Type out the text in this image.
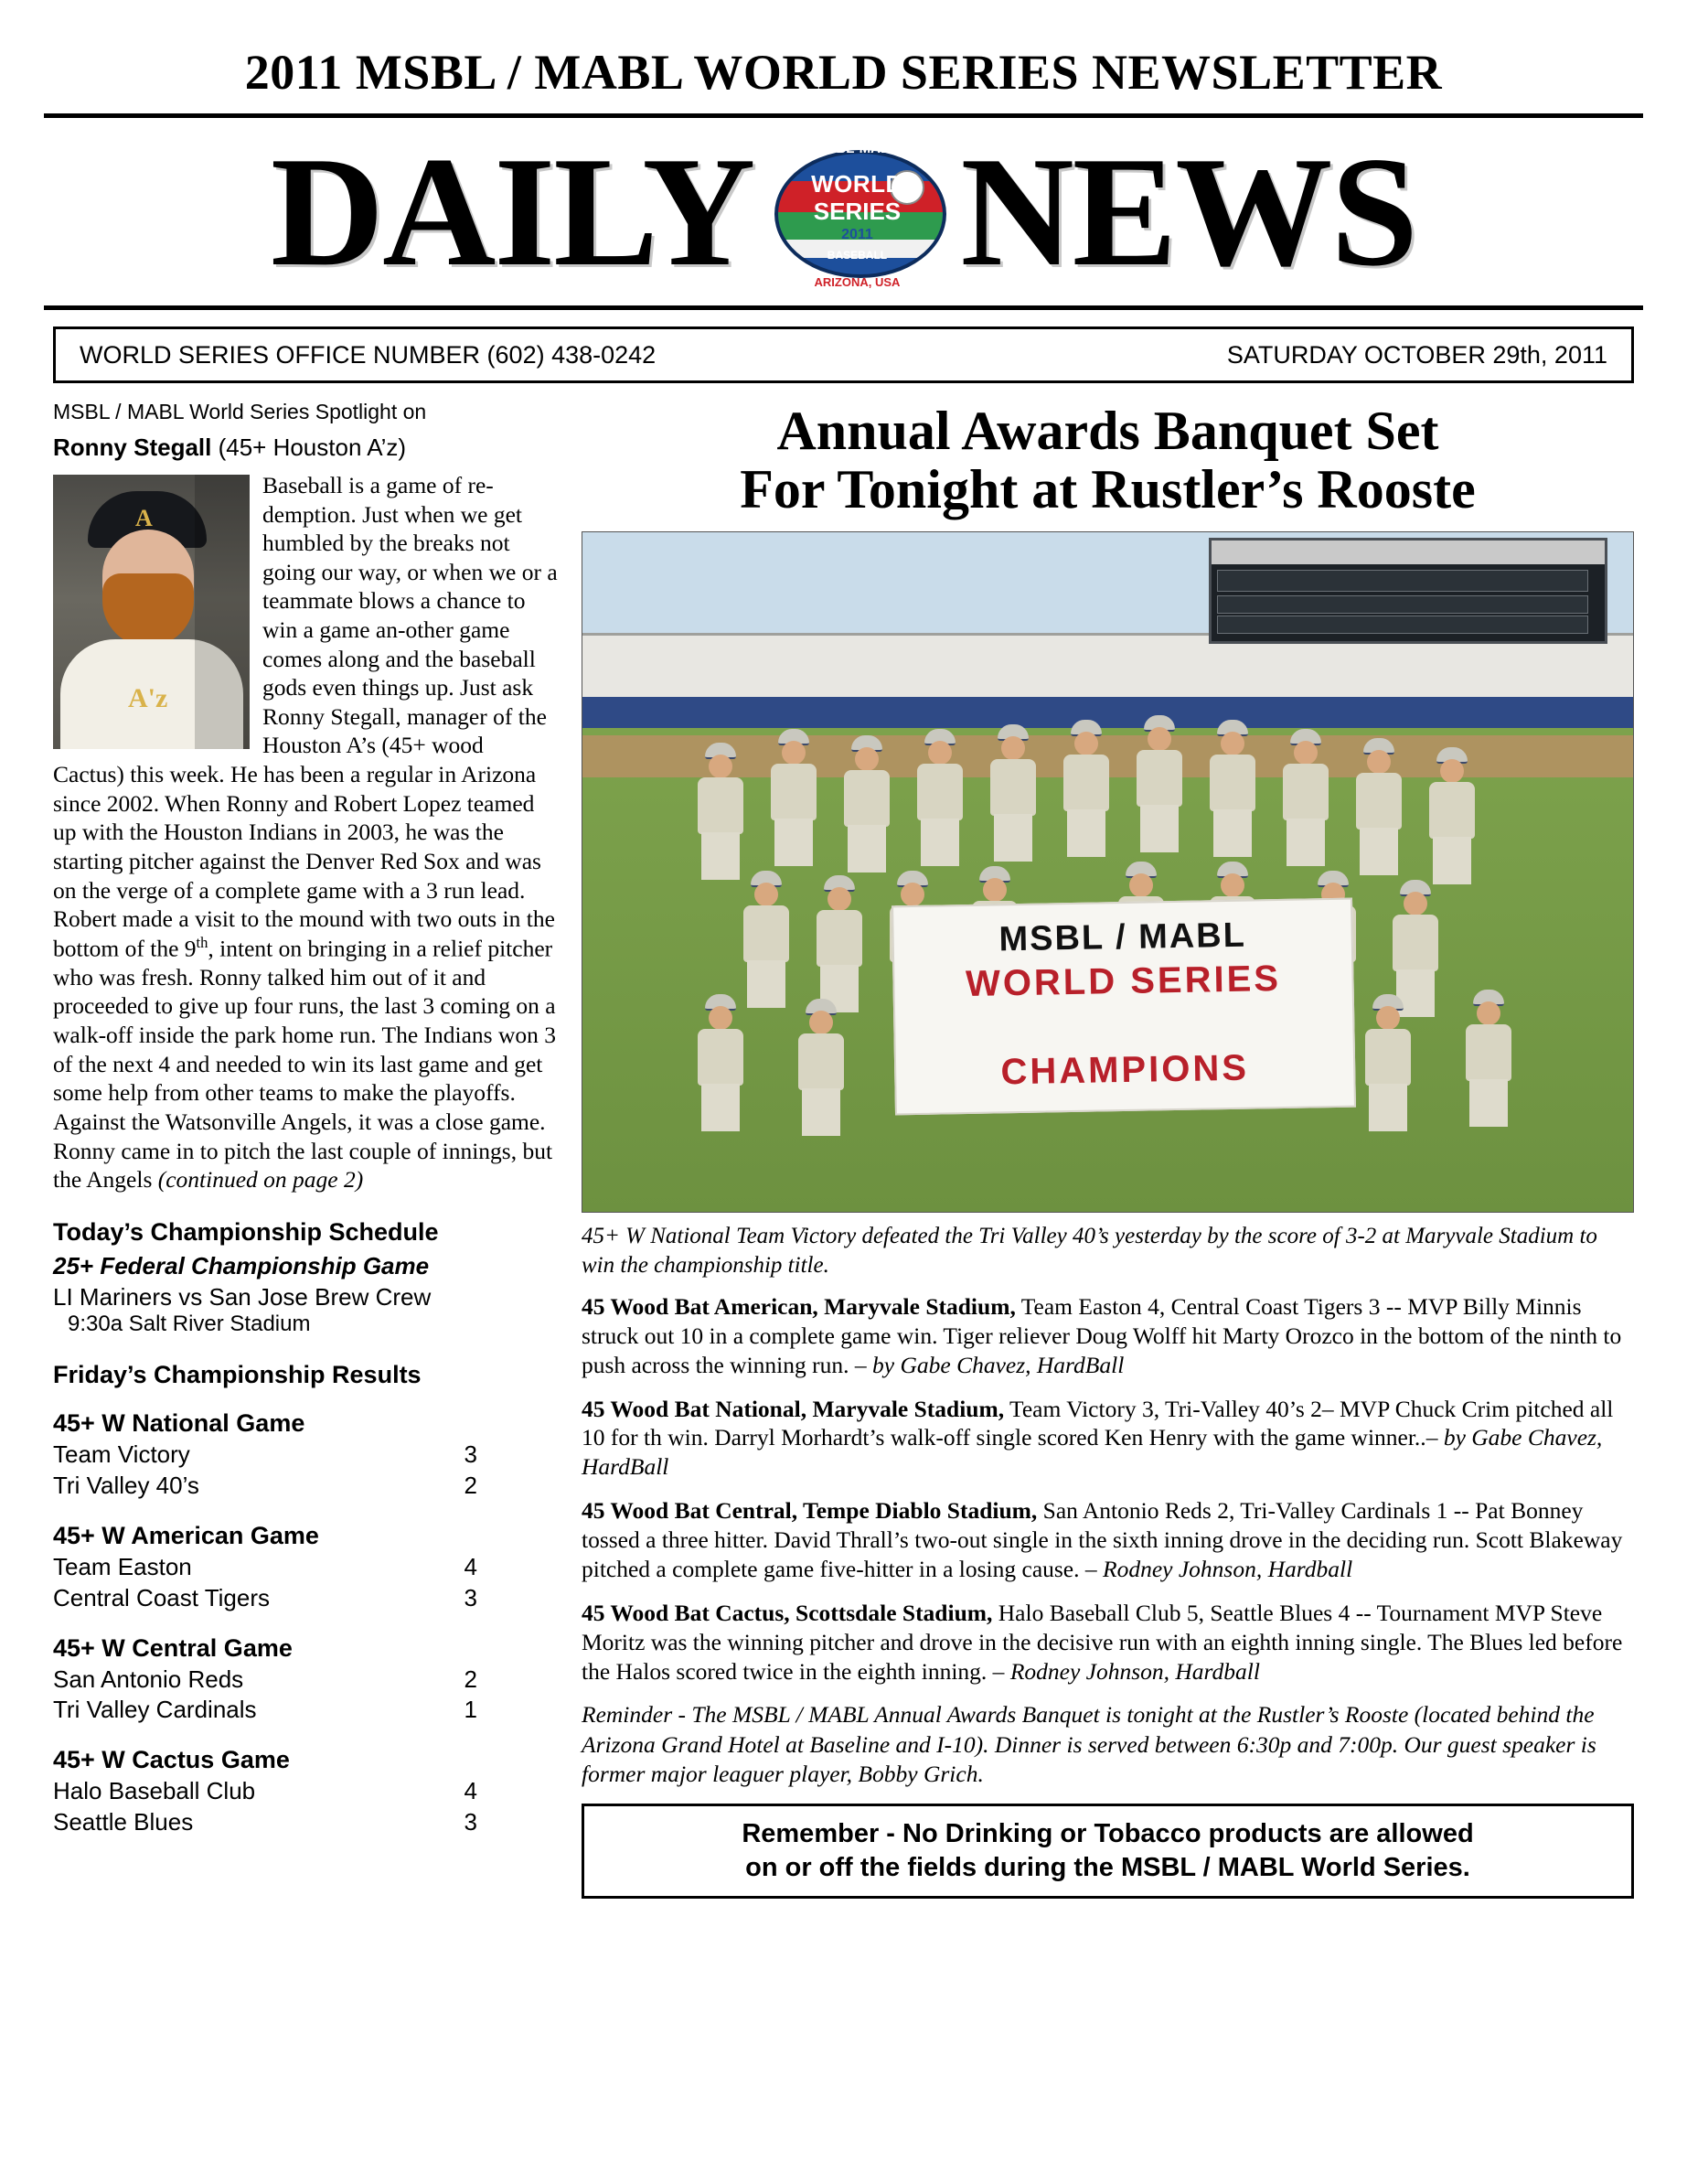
2011 MSBL / MABL WORLD SERIES NEWSLETTER
DAILY	MSBL•MABL
WORLD
SERIES
2011
BASEBALL
ARIZONA, USA NEWS
WORLD SERIES OFFICE NUMBER (602) 438-0242	SATURDAY OCTOBER 29th, 2011
MSBL / MABL World Series Spotlight on
Ronny Stegall (45+ Houston A’z)
A
A'z

Baseball is a game of re-demption. Just when we get humbled by the breaks not going our way, or when we or a teammate blows a chance to win a game an-other game comes along and the baseball gods even things up. Just ask Ronny Stegall, manager of the Houston A’s (45+ wood Cactus) this week. He has been a regular in Arizona since 2002. When Ronny and Robert Lopez teamed up with the Houston Indians in 2003, he was the starting pitcher against the Denver Red Sox and was on the verge of a complete game with a 3 run lead. Robert made a visit to the mound with two outs in the bottom of the 9th, intent on bringing in a relief pitcher who was fresh. Ronny talked him out of it and proceeded to give up four runs, the last 3 coming on a walk-off inside the park home run. The Indians won 3 of the next 4 and needed to win its last game and get some help from other teams to make the playoffs. Against the Watsonville Angels, it was a close game. Ronny came in to pitch the last couple of innings, but the Angels (continued on page 2)

Today’s Championship Schedule
25+ Federal Championship Game
LI Mariners vs San Jose Brew Crew
9:30a Salt River Stadium
Friday’s Championship Results
45+ W National Game
Team Victory	3
Tri Valley 40’s	2
45+ W American Game
Team Easton	4
Central Coast Tigers	3
45+ W Central Game
San Antonio Reds	2
Tri Valley Cardinals	1
45+ W Cactus Game
Halo Baseball Club	4
Seattle Blues	3
Annual Awards Banquet Set
For Tonight at Rustler’s Rooste
MSBL / MABL
WORLD SERIES
CHAMPIONS
45+ W National Team Victory defeated the Tri Valley 40’s yesterday by the score of 3-2 at Maryvale Stadium to win the championship title.
45 Wood Bat American, Maryvale Stadium, Team Easton 4, Central Coast Tigers 3 -- MVP Billy Minnis struck out 10 in a complete game win. Tiger reliever Doug Wolff hit Marty Orozco in the bottom of the ninth to push across the winning run. – by Gabe Chavez, HardBall
45 Wood Bat National, Maryvale Stadium, Team Victory 3, Tri-Valley 40’s 2– MVP Chuck Crim pitched all 10 for th win. Darryl Morhardt’s walk-off single scored Ken Henry with the game winner..– by Gabe Chavez, HardBall
45 Wood Bat Central, Tempe Diablo Stadium, San Antonio Reds 2, Tri-Valley Cardinals 1 -- Pat Bonney tossed a three hitter. David Thrall’s two-out single in the sixth inning drove in the deciding run. Scott Blakeway pitched a complete game five-hitter in a losing cause. – Rodney Johnson, Hardball
45 Wood Bat Cactus, Scottsdale Stadium, Halo Baseball Club 5, Seattle Blues 4 -- Tournament MVP Steve Moritz was the winning pitcher and drove in the decisive run with an eighth inning single. The Blues led before the Halos scored twice in the eighth inning. – Rodney Johnson, Hardball
Reminder - The MSBL / MABL Annual Awards Banquet is tonight at the Rustler’s Rooste (located behind the Arizona Grand Hotel at Baseline and I-10). Dinner is served between 6:30p and 7:00p. Our guest speaker is former major leaguer player, Bobby Grich.
Remember - No Drinking or Tobacco products are allowed
on or off the fields during the MSBL / MABL World Series.
